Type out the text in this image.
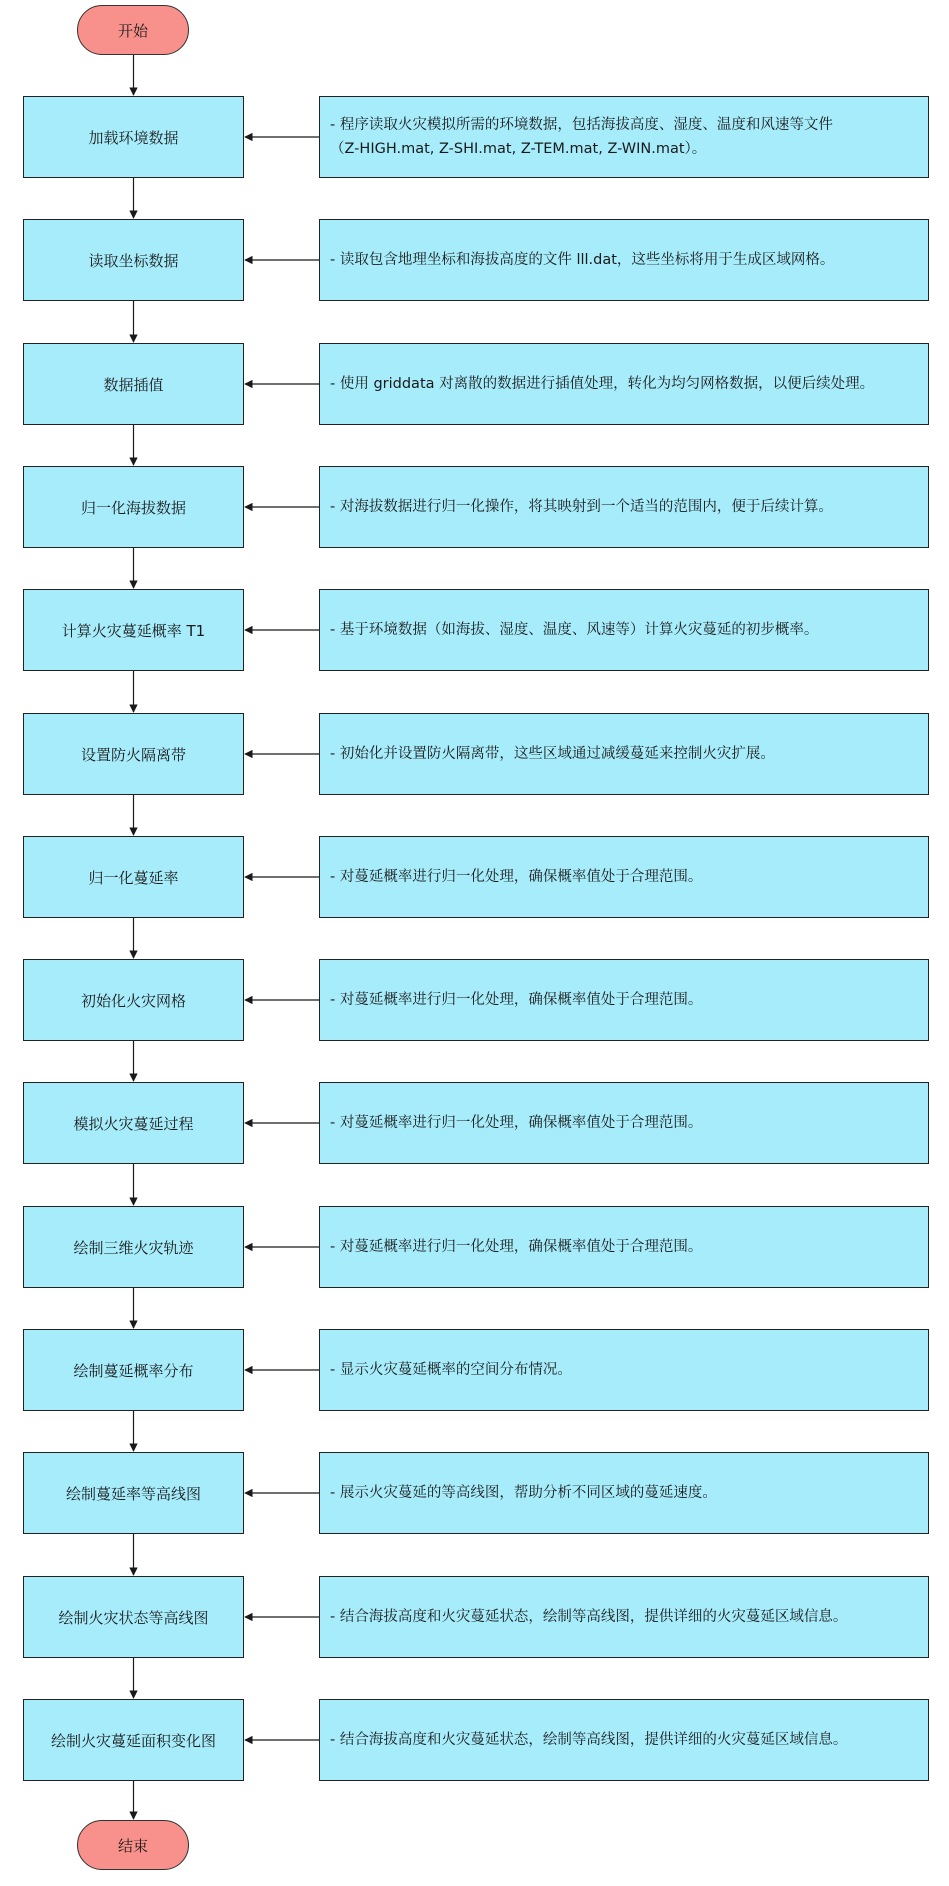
开始
结束
加载环境数据
- 程序读取火灾模拟所需的环境数据，包括海拔高度、湿度、温度和风速等文件
（Z-HIGH.mat, Z-SHI.mat, Z-TEM.mat, Z-WIN.mat）。
读取坐标数据	- 读取包含地理坐标和海拔高度的文件 lll.dat，这些坐标将用于生成区域网格。
数据插值	- 使用 griddata 对离散的数据进行插值处理，转化为均匀网格数据，以便后续处理。
归一化海拔数据	- 对海拔数据进行归一化操作，将其映射到一个适当的范围内，便于后续计算。
计算火灾蔓延概率 T1	- 基于环境数据（如海拔、湿度、温度、风速等）计算火灾蔓延的初步概率。
设置防火隔离带	- 初始化并设置防火隔离带，这些区域通过减缓蔓延来控制火灾扩展。
归一化蔓延率	- 对蔓延概率进行归一化处理，确保概率值处于合理范围。
初始化火灾网格	- 对蔓延概率进行归一化处理，确保概率值处于合理范围。
模拟火灾蔓延过程	- 对蔓延概率进行归一化处理，确保概率值处于合理范围。
绘制三维火灾轨迹	- 对蔓延概率进行归一化处理，确保概率值处于合理范围。
绘制蔓延概率分布	- 显示火灾蔓延概率的空间分布情况。
绘制蔓延率等高线图	- 展示火灾蔓延的等高线图，帮助分析不同区域的蔓延速度。
绘制火灾状态等高线图	- 结合海拔高度和火灾蔓延状态，绘制等高线图，提供详细的火灾蔓延区域信息。
绘制火灾蔓延面积变化图	- 结合海拔高度和火灾蔓延状态，绘制等高线图，提供详细的火灾蔓延区域信息。
